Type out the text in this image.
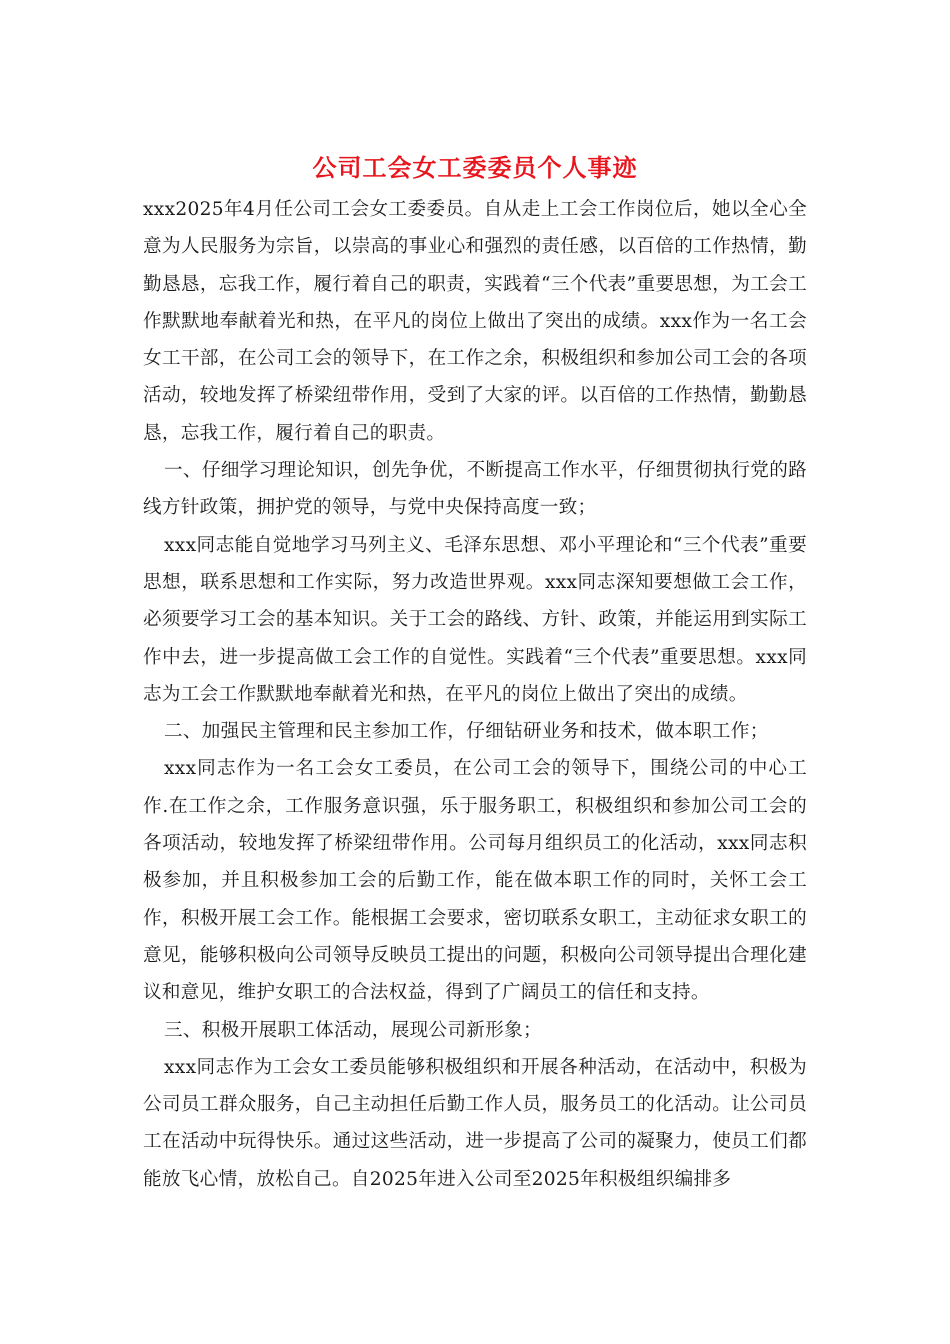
公司工会女工委委员个人事迹

xxx2025年4月任公司工会女工委委员。自从走上工会工作岗位后，她以全心全意为人民服务为宗旨，以崇高的事业心和强烈的责任感，以百倍的工作热情，勤勤恳恳，忘我工作，履行着自己的职责，实践着“三个代表”重要思想，为工会工作默默地奉献着光和热，在平凡的岗位上做出了突出的成绩。xxx作为一名工会女工干部，在公司工会的领导下，在工作之余，积极组织和参加公司工会的各项活动，较地发挥了桥梁纽带作用，受到了大家的评。以百倍的工作热情，勤勤恳恳，忘我工作，履行着自己的职责。

一、仔细学习理论知识，创先争优，不断提高工作水平，仔细贯彻执行党的路线方针政策，拥护党的领导，与党中央保持高度一致；

xxx同志能自觉地学习马列主义、毛泽东思想、邓小平理论和“三个代表”重要思想，联系思想和工作实际，努力改造世界观。xxx同志深知要想做工会工作，必须要学习工会的基本知识。关于工会的路线、方针、政策，并能运用到实际工作中去，进一步提高做工会工作的自觉性。实践着“三个代表”重要思想。xxx同志为工会工作默默地奉献着光和热，在平凡的岗位上做出了突出的成绩。

二、加强民主管理和民主参加工作，仔细钻研业务和技术，做本职工作；

xxx同志作为一名工会女工委员，在公司工会的领导下，围绕公司的中心工作.在工作之余，工作服务意识强，乐于服务职工，积极组织和参加公司工会的各项活动，较地发挥了桥梁纽带作用。公司每月组织员工的化活动，xxx同志积极参加，并且积极参加工会的后勤工作，能在做本职工作的同时，关怀工会工作，积极开展工会工作。能根据工会要求，密切联系女职工，主动征求女职工的意见，能够积极向公司领导反映员工提出的问题，积极向公司领导提出合理化建议和意见，维护女职工的合法权益，得到了广阔员工的信任和支持。

三、积极开展职工体活动，展现公司新形象；

xxx同志作为工会女工委员能够积极组织和开展各种活动，在活动中，积极为公司员工群众服务，自己主动担任后勤工作人员，服务员工的化活动。让公司员工在活动中玩得快乐。通过这些活动，进一步提高了公司的凝聚力，使员工们都能放飞心情，放松自己。自2025年进入公司至2025年积极组织编排多
